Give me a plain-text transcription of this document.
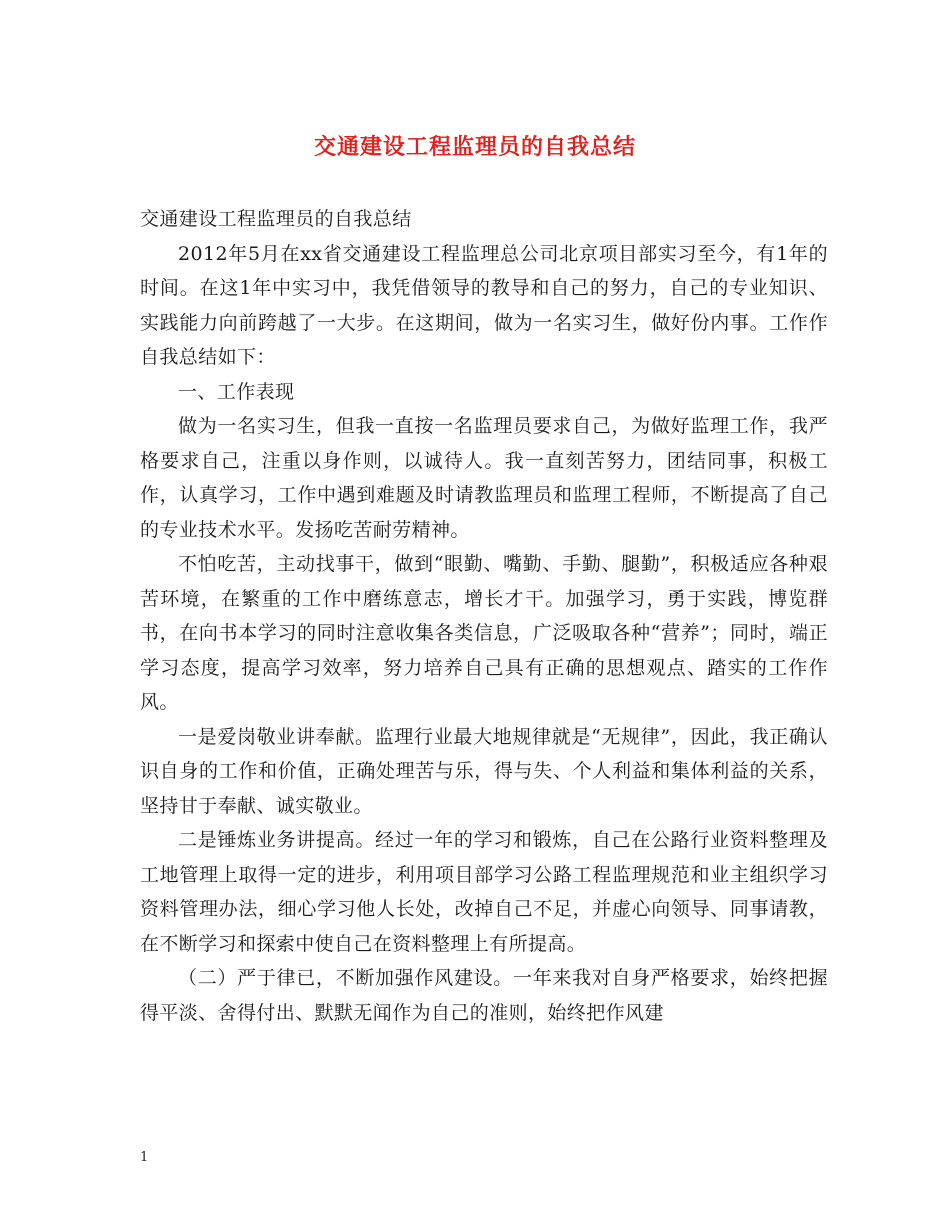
交通建设工程监理员的自我总结

交通建设工程监理员的自我总结

2012年5月在xx省交通建设工程监理总公司北京项目部实习至今，有1年的时间。在这1年中实习中，我凭借领导的教导和自己的努力，自己的专业知识、实践能力向前跨越了一大步。在这期间，做为一名实习生，做好份内事。工作作自我总结如下：

一、工作表现

做为一名实习生，但我一直按一名监理员要求自己，为做好监理工作，我严格要求自己，注重以身作则，以诚待人。我一直刻苦努力，团结同事，积极工作，认真学习，工作中遇到难题及时请教监理员和监理工程师，不断提高了自己的专业技术水平。发扬吃苦耐劳精神。

不怕吃苦，主动找事干，做到“眼勤、嘴勤、手勤、腿勤”，积极适应各种艰苦环境，在繁重的工作中磨练意志，增长才干。加强学习，勇于实践，博览群书，在向书本学习的同时注意收集各类信息，广泛吸取各种“营养”；同时，端正学习态度，提高学习效率，努力培养自己具有正确的思想观点、踏实的工作作风。

一是爱岗敬业讲奉献。监理行业最大地规律就是“无规律”，因此，我正确认识自身的工作和价值，正确处理苦与乐，得与失、个人利益和集体利益的关系，坚持甘于奉献、诚实敬业。

二是锤炼业务讲提高。经过一年的学习和锻炼，自己在公路行业资料整理及工地管理上取得一定的进步，利用项目部学习公路工程监理规范和业主组织学习资料管理办法，细心学习他人长处，改掉自己不足，并虚心向领导、同事请教，在不断学习和探索中使自己在资料整理上有所提高。

（二）严于律已，不断加强作风建设。一年来我对自身严格要求，始终把握得平淡、舍得付出、默默无闻作为自己的准则，始终把作风建

1
